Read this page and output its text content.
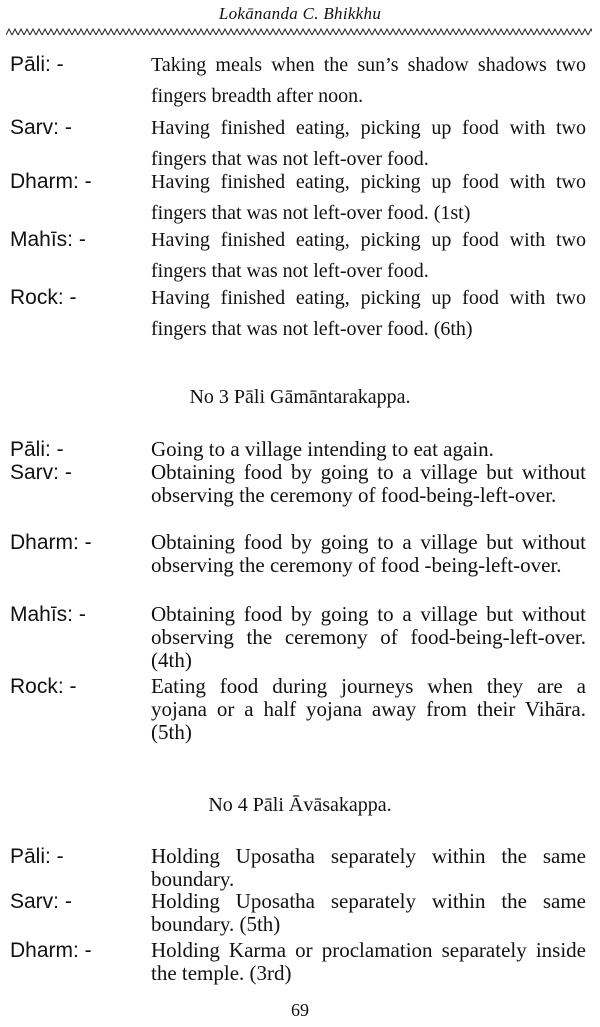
Lokānanda C. Bhikkhu
Pāli: -	Taking meals when the sun’s shadow shadows two fingers breadth after noon.
Sarv: -	Having finished eating, picking up food with two fingers that was not left-over food.
Dharm: -	Having finished eating, picking up food with two fingers that was not left-over food. (1st)
Mahīs: -	Having finished eating, picking up food with two fingers that was not left-over food.
Rock: -	Having finished eating, picking up food with two fingers that was not left-over food. (6th)
No 3 Pāli Gāmāntarakappa.
Pāli: -	Going to a village intending to eat again.
Sarv: -	Obtaining food by going to a village but without observing the ceremony of food-being-left-over.
Dharm: -	Obtaining food by going to a village but without observing the ceremony of food -being-left-over.
Mahīs: -	Obtaining food by going to a village but without observing the ceremony of food-being-left-over. (4th)
Rock: -	Eating food during journeys when they are a yojana or a half yojana away from their Vihāra. (5th)
No 4 Pāli Āvāsakappa.
Pāli: -	Holding Uposatha separately within the same boundary.
Sarv: -	Holding Uposatha separately within the same boundary. (5th)
Dharm: -	Holding Karma or proclamation separately inside the temple. (3rd)
69
